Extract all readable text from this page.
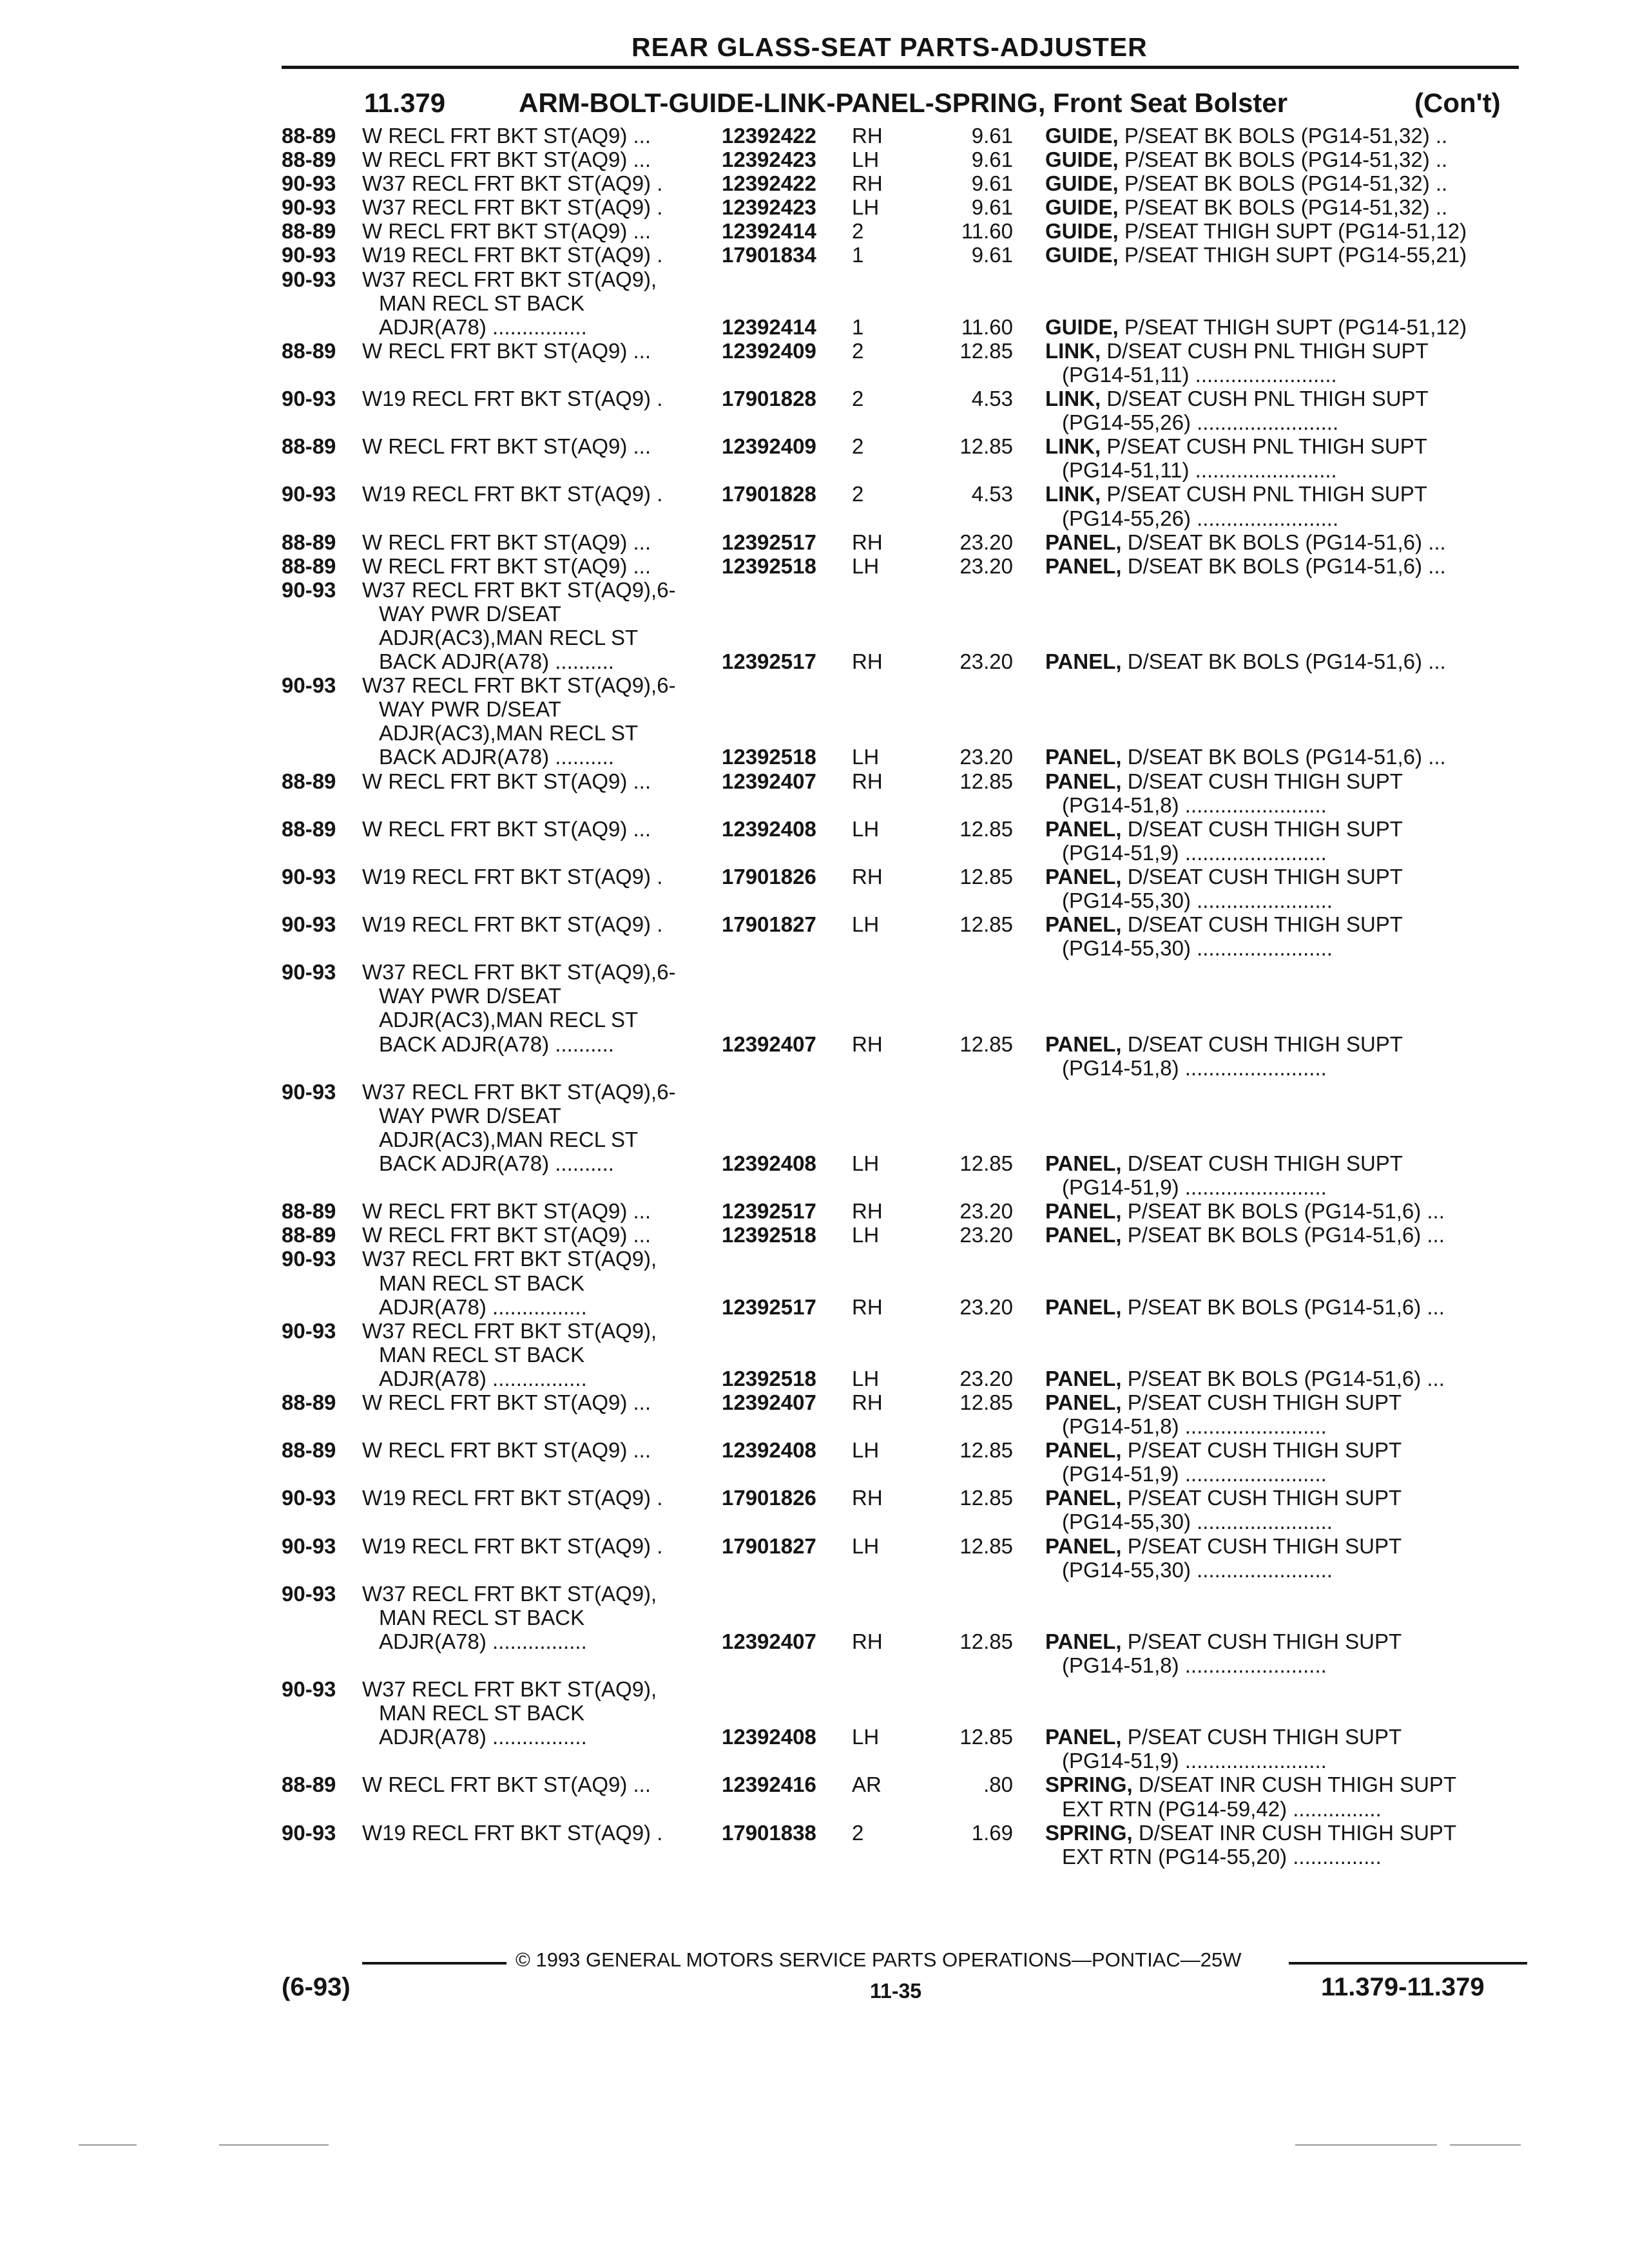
REAR GLASS-SEAT PARTS-ADJUSTER
11.379	ARM-BOLT-GUIDE-LINK-PANEL-SPRING, Front Seat Bolster	(Con't)
88-89	W RECL FRT BKT ST(AQ9) ...	12392422 RH	9.61 GUIDE, P/SEAT BK BOLS (PG14-51,32) ..
88-89	W RECL FRT BKT ST(AQ9) ...	12392423 LH	9.61 GUIDE, P/SEAT BK BOLS (PG14-51,32) ..
90-93	W37 RECL FRT BKT ST(AQ9) .	12392422 RH	9.61 GUIDE, P/SEAT BK BOLS (PG14-51,32) ..
90-93	W37 RECL FRT BKT ST(AQ9) .	12392423 LH	9.61 GUIDE, P/SEAT BK BOLS (PG14-51,32) ..
88-89	W RECL FRT BKT ST(AQ9) ...	12392414 2	11.60 GUIDE, P/SEAT THIGH SUPT (PG14-51,12)
90-93	W19 RECL FRT BKT ST(AQ9) .	17901834 1	9.61 GUIDE, P/SEAT THIGH SUPT (PG14-55,21)
90-93	W37 RECL FRT BKT ST(AQ9),
MAN RECL ST BACK
ADJR(A78) ................	12392414 1	11.60 GUIDE, P/SEAT THIGH SUPT (PG14-51,12)
88-89	W RECL FRT BKT ST(AQ9) ...	12392409 2	12.85 LINK, D/SEAT CUSH PNL THIGH SUPT
(PG14-51,11) ........................
90-93	W19 RECL FRT BKT ST(AQ9) .	17901828 2	4.53 LINK, D/SEAT CUSH PNL THIGH SUPT
(PG14-55,26) ........................
88-89	W RECL FRT BKT ST(AQ9) ...	12392409 2	12.85 LINK, P/SEAT CUSH PNL THIGH SUPT
(PG14-51,11) ........................
90-93	W19 RECL FRT BKT ST(AQ9) .	17901828 2	4.53 LINK, P/SEAT CUSH PNL THIGH SUPT
(PG14-55,26) ........................
88-89	W RECL FRT BKT ST(AQ9) ...	12392517 RH	23.20 PANEL, D/SEAT BK BOLS (PG14-51,6) ...
88-89	W RECL FRT BKT ST(AQ9) ...	12392518 LH	23.20 PANEL, D/SEAT BK BOLS (PG14-51,6) ...
90-93	W37 RECL FRT BKT ST(AQ9),6-
WAY PWR D/SEAT
ADJR(AC3),MAN RECL ST
BACK ADJR(A78) ..........	12392517 RH	23.20 PANEL, D/SEAT BK BOLS (PG14-51,6) ...
90-93	W37 RECL FRT BKT ST(AQ9),6-
WAY PWR D/SEAT
ADJR(AC3),MAN RECL ST
BACK ADJR(A78) ..........	12392518 LH	23.20 PANEL, D/SEAT BK BOLS (PG14-51,6) ...
88-89	W RECL FRT BKT ST(AQ9) ...	12392407 RH	12.85 PANEL, D/SEAT CUSH THIGH SUPT
(PG14-51,8) ........................
88-89	W RECL FRT BKT ST(AQ9) ...	12392408 LH	12.85 PANEL, D/SEAT CUSH THIGH SUPT
(PG14-51,9) ........................
90-93	W19 RECL FRT BKT ST(AQ9) .	17901826 RH	12.85 PANEL, D/SEAT CUSH THIGH SUPT
(PG14-55,30) .......................
90-93	W19 RECL FRT BKT ST(AQ9) .	17901827 LH	12.85 PANEL, D/SEAT CUSH THIGH SUPT
(PG14-55,30) .......................
90-93	W37 RECL FRT BKT ST(AQ9),6-
WAY PWR D/SEAT
ADJR(AC3),MAN RECL ST
BACK ADJR(A78) ..........	12392407 RH	12.85 PANEL, D/SEAT CUSH THIGH SUPT
(PG14-51,8) ........................
90-93	W37 RECL FRT BKT ST(AQ9),6-
WAY PWR D/SEAT
ADJR(AC3),MAN RECL ST
BACK ADJR(A78) ..........	12392408 LH	12.85 PANEL, D/SEAT CUSH THIGH SUPT
(PG14-51,9) ........................
88-89	W RECL FRT BKT ST(AQ9) ...	12392517 RH	23.20 PANEL, P/SEAT BK BOLS (PG14-51,6) ...
88-89	W RECL FRT BKT ST(AQ9) ...	12392518 LH	23.20 PANEL, P/SEAT BK BOLS (PG14-51,6) ...
90-93	W37 RECL FRT BKT ST(AQ9),
MAN RECL ST BACK
ADJR(A78) ................	12392517 RH	23.20 PANEL, P/SEAT BK BOLS (PG14-51,6) ...
90-93	W37 RECL FRT BKT ST(AQ9),
MAN RECL ST BACK
ADJR(A78) ................	12392518 LH	23.20 PANEL, P/SEAT BK BOLS (PG14-51,6) ...
88-89	W RECL FRT BKT ST(AQ9) ...	12392407 RH	12.85 PANEL, P/SEAT CUSH THIGH SUPT
(PG14-51,8) ........................
88-89	W RECL FRT BKT ST(AQ9) ...	12392408 LH	12.85 PANEL, P/SEAT CUSH THIGH SUPT
(PG14-51,9) ........................
90-93	W19 RECL FRT BKT ST(AQ9) .	17901826 RH	12.85 PANEL, P/SEAT CUSH THIGH SUPT
(PG14-55,30) .......................
90-93	W19 RECL FRT BKT ST(AQ9) .	17901827 LH	12.85 PANEL, P/SEAT CUSH THIGH SUPT
(PG14-55,30) .......................
90-93	W37 RECL FRT BKT ST(AQ9),
MAN RECL ST BACK
ADJR(A78) ................	12392407 RH	12.85 PANEL, P/SEAT CUSH THIGH SUPT
(PG14-51,8) ........................
90-93	W37 RECL FRT BKT ST(AQ9),
MAN RECL ST BACK
ADJR(A78) ................	12392408 LH	12.85 PANEL, P/SEAT CUSH THIGH SUPT
(PG14-51,9) ........................
88-89	W RECL FRT BKT ST(AQ9) ...	12392416 AR	.80 SPRING, D/SEAT INR CUSH THIGH SUPT
EXT RTN (PG14-59,42) ...............
90-93	W19 RECL FRT BKT ST(AQ9) .	17901838 2	1.69 SPRING, D/SEAT INR CUSH THIGH SUPT
EXT RTN (PG14-55,20) ...............
© 1993 GENERAL MOTORS SERVICE PARTS OPERATIONS—PONTIAC—25W
(6-93)	11-35	11.379-11.379
